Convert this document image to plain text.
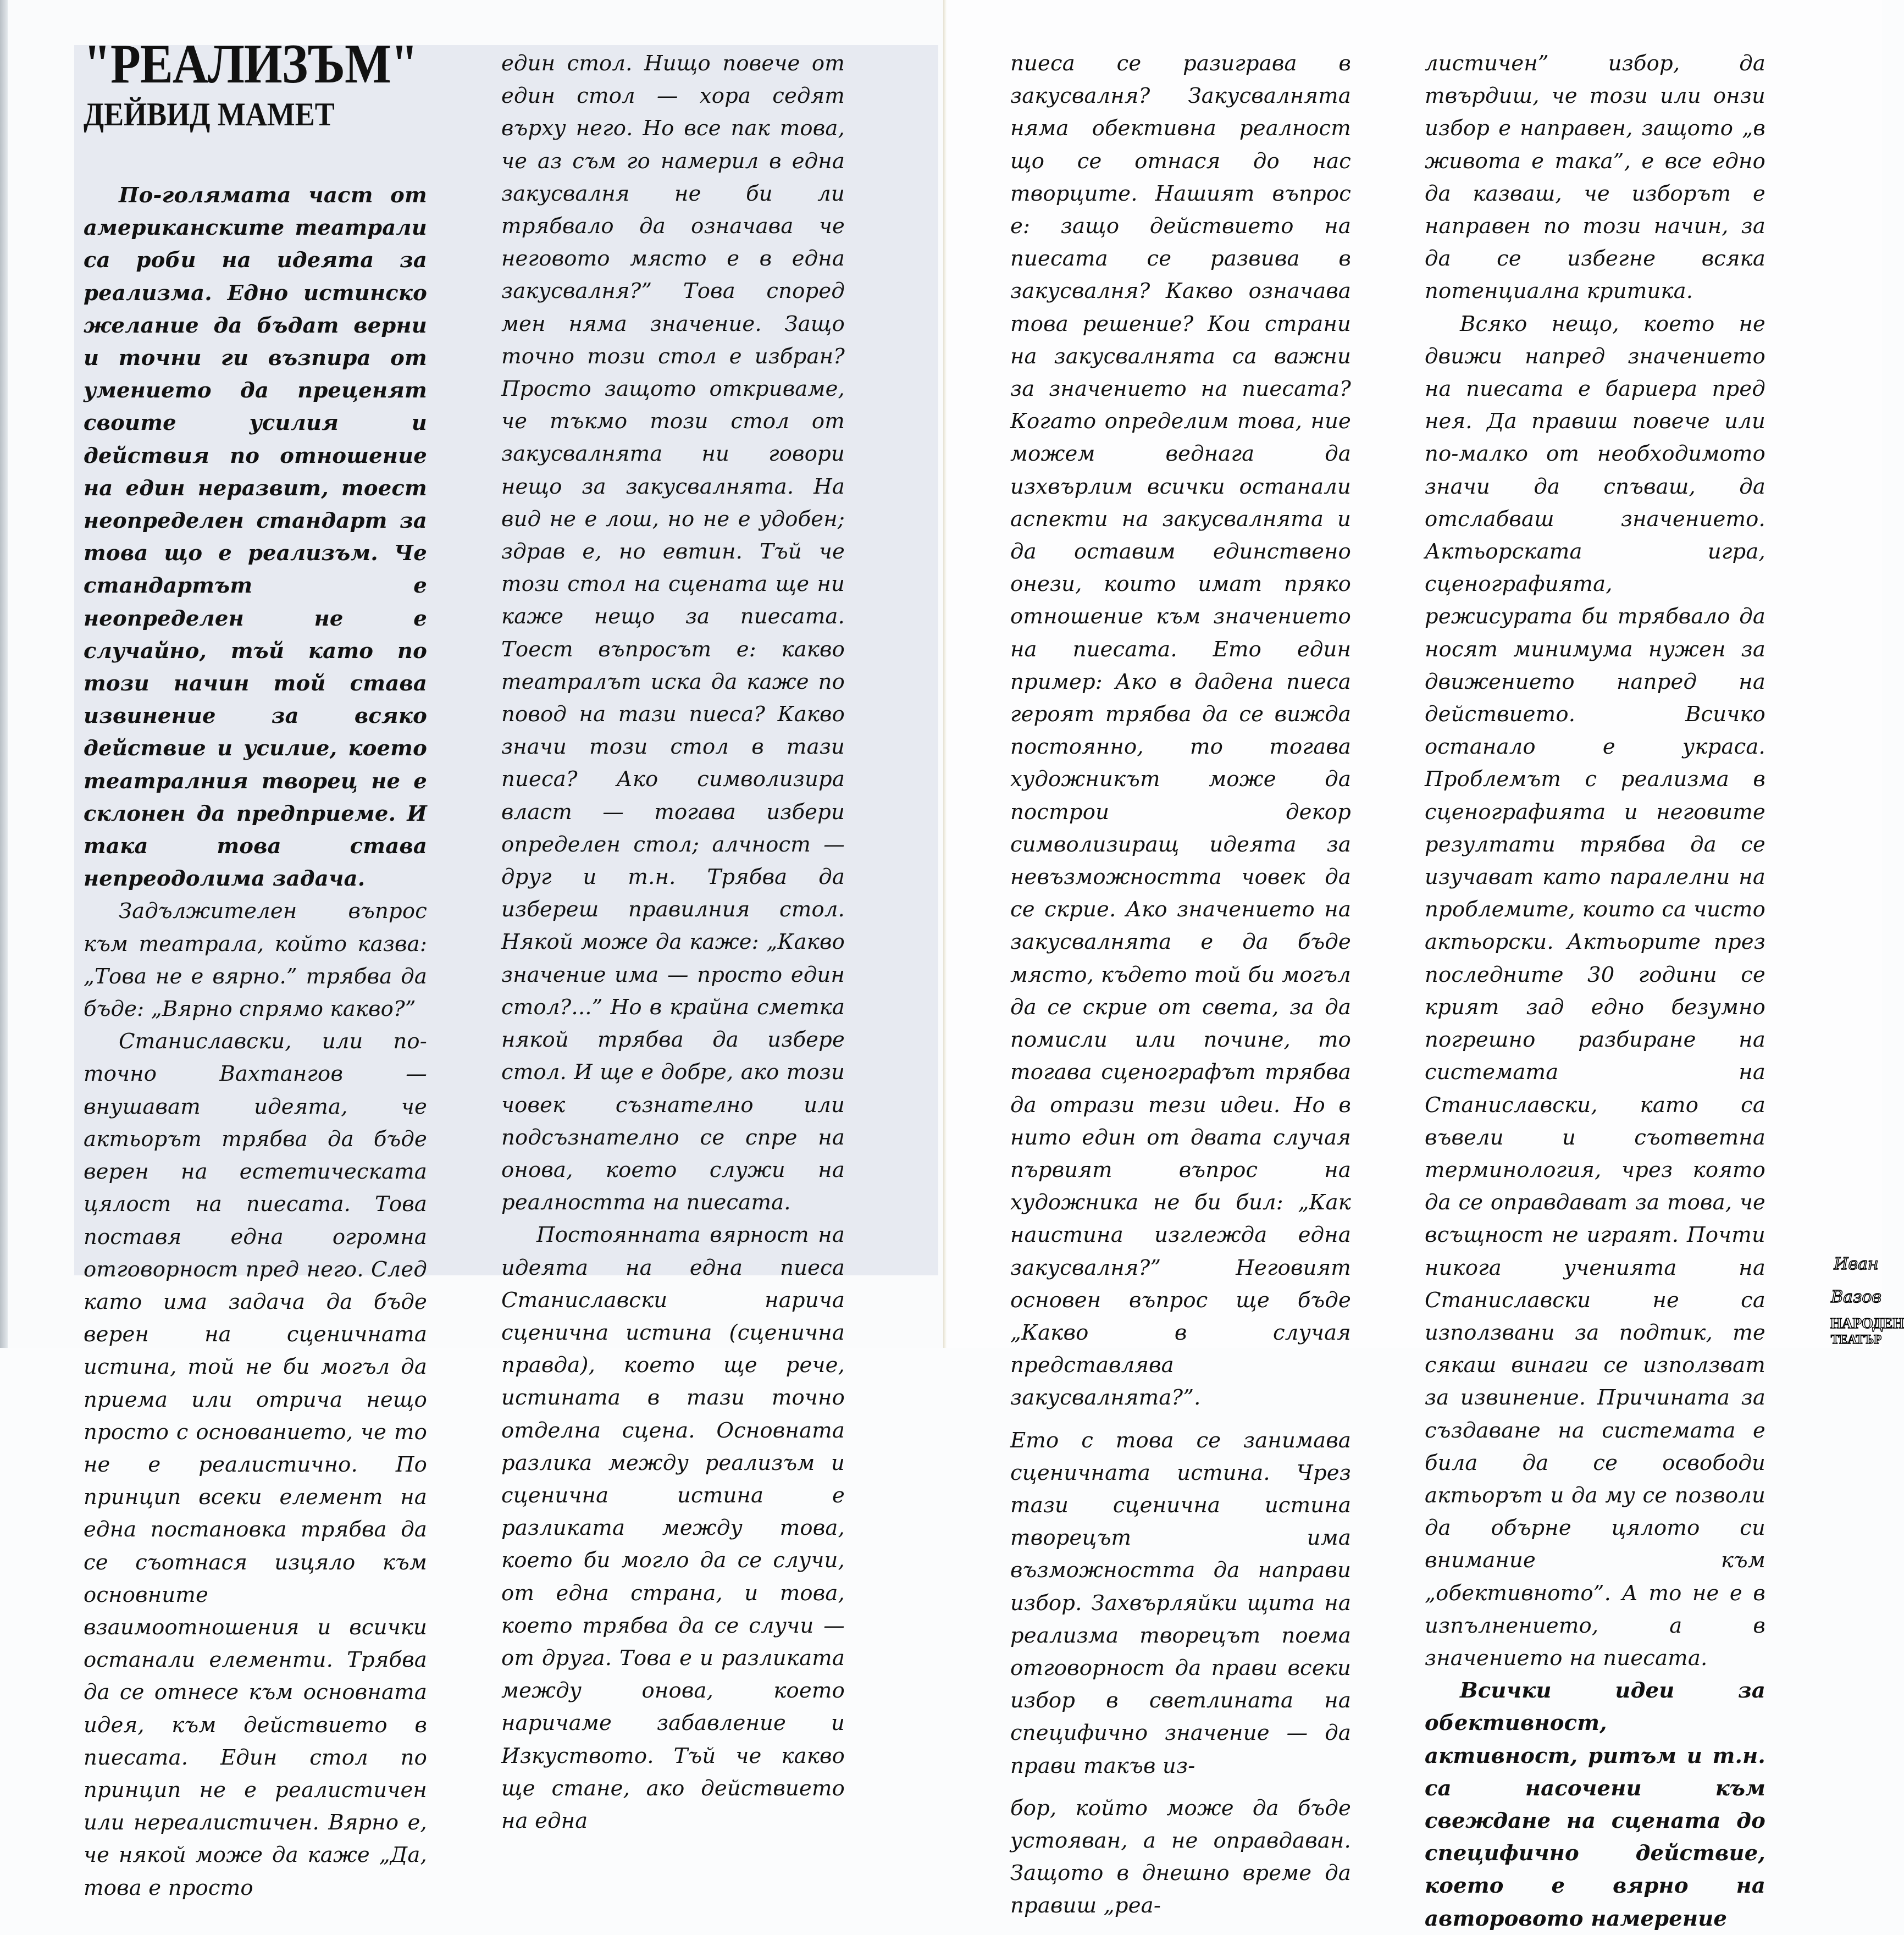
"РЕАЛИЗЪМ"
ДЕЙВИД МАМЕТ

По-голямата част от американските театрали са роби на идеята за реализма. Едно истинско желание да бъдат верни и точни ги възпира от умението да преценят своите усилия и действия по отношение на един неразвит, тоест неопределен стандарт за това що е реализъм. Че стандартът е неопределен не е случайно, тъй като по този начин той става извинение за всяко действие и усилие, което театралния творец не е склонен да предприеме. И така това става непреодолима задача.

Задължителен въпрос към театрала, който казва: „Това не е вярно.” трябва да бъде: „Вярно спрямо какво?”

Станиславски, или по-точно Вахтангов — внушават идеята, че актьорът трябва да бъде верен на естетическата цялост на пиесата. Това поставя една огромна отговорност пред него. След като има задача да бъде верен на сценичната истина, той не би могъл да приема или отрича нещо просто с основанието, че то не е реалистично. По принцип всеки елемент на една постановка трябва да се съотнася изцяло към основните взаимоотношения и всички останали елементи. Трябва да се отнесе към основната идея, към действието в пиесата. Един стол по принцип не е реалистичен или нереалистичен. Вярно е, че някой може да каже „Да, това е просто

един стол. Нищо повече от един стол — хора седят върху него. Но все пак това, че аз съм го намерил в една закусвалня не би ли трябвало да означава че неговото място е в една закусвалня?” Това според мен няма значение. Защо точно този стол е избран? Просто защото откриваме, че тъкмо този стол от закусвалнята ни говори нещо за закусвалнята. На вид не е лош, но не е удобен; здрав е, но евтин. Тъй че този стол на сцената ще ни каже нещо за пиесата. Тоест въпросът е: какво театралът иска да каже по повод на тази пиеса? Какво значи този стол в тази пиеса? Ако символизира власт — тогава избери определен стол; алчност — друг и т.н. Трябва да избереш правилния стол. Някой може да каже: „Какво значение има — просто един стол?...” Но в крайна сметка някой трябва да избере стол. И ще е добре, ако този човек съзнателно или подсъзнателно се спре на онова, което служи на реалността на пиесата.

Постоянната вярност на идеята на една пиеса Станиславски нарича сценична истина (сценична правда), което ще рече, истината в тази точно отделна сцена. Основната разлика между реализъм и сценична истина е разликата между това, което би могло да се случи, от една страна, и това, което трябва да се случи — от друга. Това е и разликата между онова, което наричаме забавление и Изкуството. Тъй че какво ще стане, ако действието на една

пиеса се разиграва в закусвалня? Закусвалнята няма обективна реалност що се отнася до нас творците. Нашият въпрос е: защо действието на пиесата се развива в закусвалня? Какво означава това решение? Кои страни на закусвалнята са важни за значението на пиесата? Когато определим това, ние можем веднага да изхвърлим всички останали аспекти на закусвалнята и да оставим единствено онези, които имат пряко отношение към значението на пиесата. Ето един пример: Ако в дадена пиеса героят трябва да се вижда постоянно, то тогава художникът може да построи декор символизиращ идеята за невъзможността човек да се скрие. Ако значението на закусвалнята е да бъде място, където той би могъл да се скрие от света, за да помисли или почине, то тогава сценографът трябва да отрази тези идеи. Но в нито един от двата случая първият въпрос на художника не би бил: „Как наистина изглежда една закусвалня?” Неговият основен въпрос ще бъде „Какво в случая представлява закусвалнята?”.

Ето с това се занимава сценичната истина. Чрез тази сценична истина творецът има възможността да направи избор. Захвърляйки щита на реализма творецът поема отговорност да прави всеки избор в светлината на специфично значение — да прави такъв из-

бор, който може да бъде устояван, а не оправдаван. Защото в днешно време да правиш „реа-

листичен” избор, да твърдиш, че този или онзи избор е направен, защото „в живота е така”, е все едно да казваш, че изборът е направен по този начин, за да се избегне всяка потенциална критика.

Всяко нещо, което не движи напред значението на пиесата е бариера пред нея. Да правиш повече или по-малко от необходимото значи да спъваш, да отслабваш значението. Актьорската игра, сценографията, режисурата би трябвало да носят минимума нужен за движението напред на действието. Всичко останало е украса. Проблемът с реализма в сценографията и неговите резултати трябва да се изучават като паралелни на проблемите, които са чисто актьорски. Актьорите през последните 30 години се крият зад едно безумно погрешно разбиране на системата на Станиславски, като са въвели и съответна терминология, чрез която да се оправдават за това, че всъщност не играят. Почти никога ученията на Станиславски не са използвани за подтик, те сякаш винаги се използват за извинение. Причината за създаване на системата е била да се освободи актьорът и да му се позволи да обърне цялото си внимание към „обективното”. А то не е в изпълнението, а в значението на пиесата.

Всички идеи за обективност, активност, ритъм и т.н. са насочени към свеждане на сцената до специфично действие, което е вярно на авторовото намерение

Иван Вазов
НАРОДЕН
ТЕАТЪР
